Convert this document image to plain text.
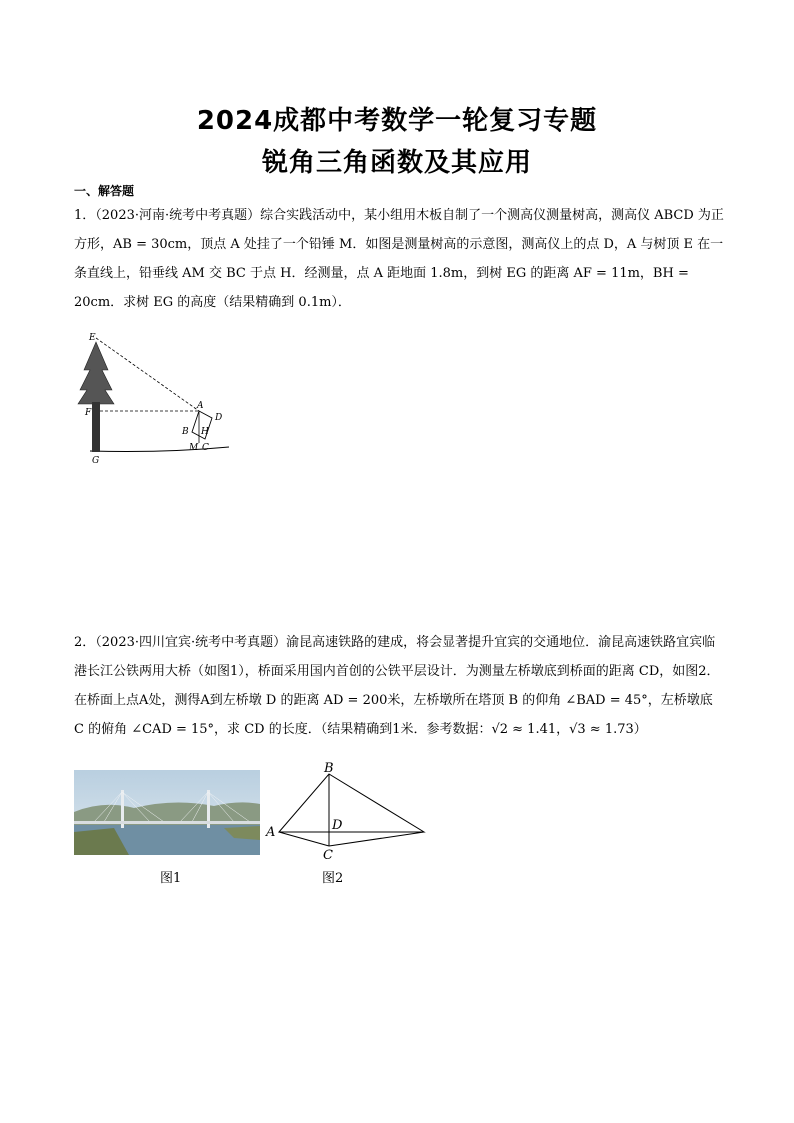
2024成都中考数学一轮复习专题
锐角三角函数及其应用
一、解答题
1．（2023·河南·统考中考真题）综合实践活动中，某小组用木板自制了一个测高仪测量树高，测高仪 ABCD 为正方形，AB = 30cm，顶点 A 处挂了一个铅锤 M．如图是测量树高的示意图，测高仪上的点 D，A 与树顶 E 在一条直线上，铅垂线 AM 交 BC 于点 H．经测量，点 A 距地面 1.8m，到树 EG 的距离 AF = 11m，BH = 20cm．求树 EG 的高度（结果精确到 0.1m）．
E
F
G
A
D
B H
M C
2．（2023·四川宜宾·统考中考真题）渝昆高速铁路的建成，将会显著提升宜宾的交通地位．渝昆高速铁路宜宾临港长江公铁两用大桥（如图1），桥面采用国内首创的公铁平层设计．为测量左桥墩底到桥面的距离 CD，如图2．在桥面上点A处，测得A到左桥墩 D 的距离 AD = 200米，左桥墩所在塔顶 B 的仰角 ∠BAD = 45°，左桥墩底 C 的俯角 ∠CAD = 15°，求 CD 的长度．（结果精确到1米．参考数据：√2 ≈ 1.41，√3 ≈ 1.73）
图1
B
A	D
C
图2
